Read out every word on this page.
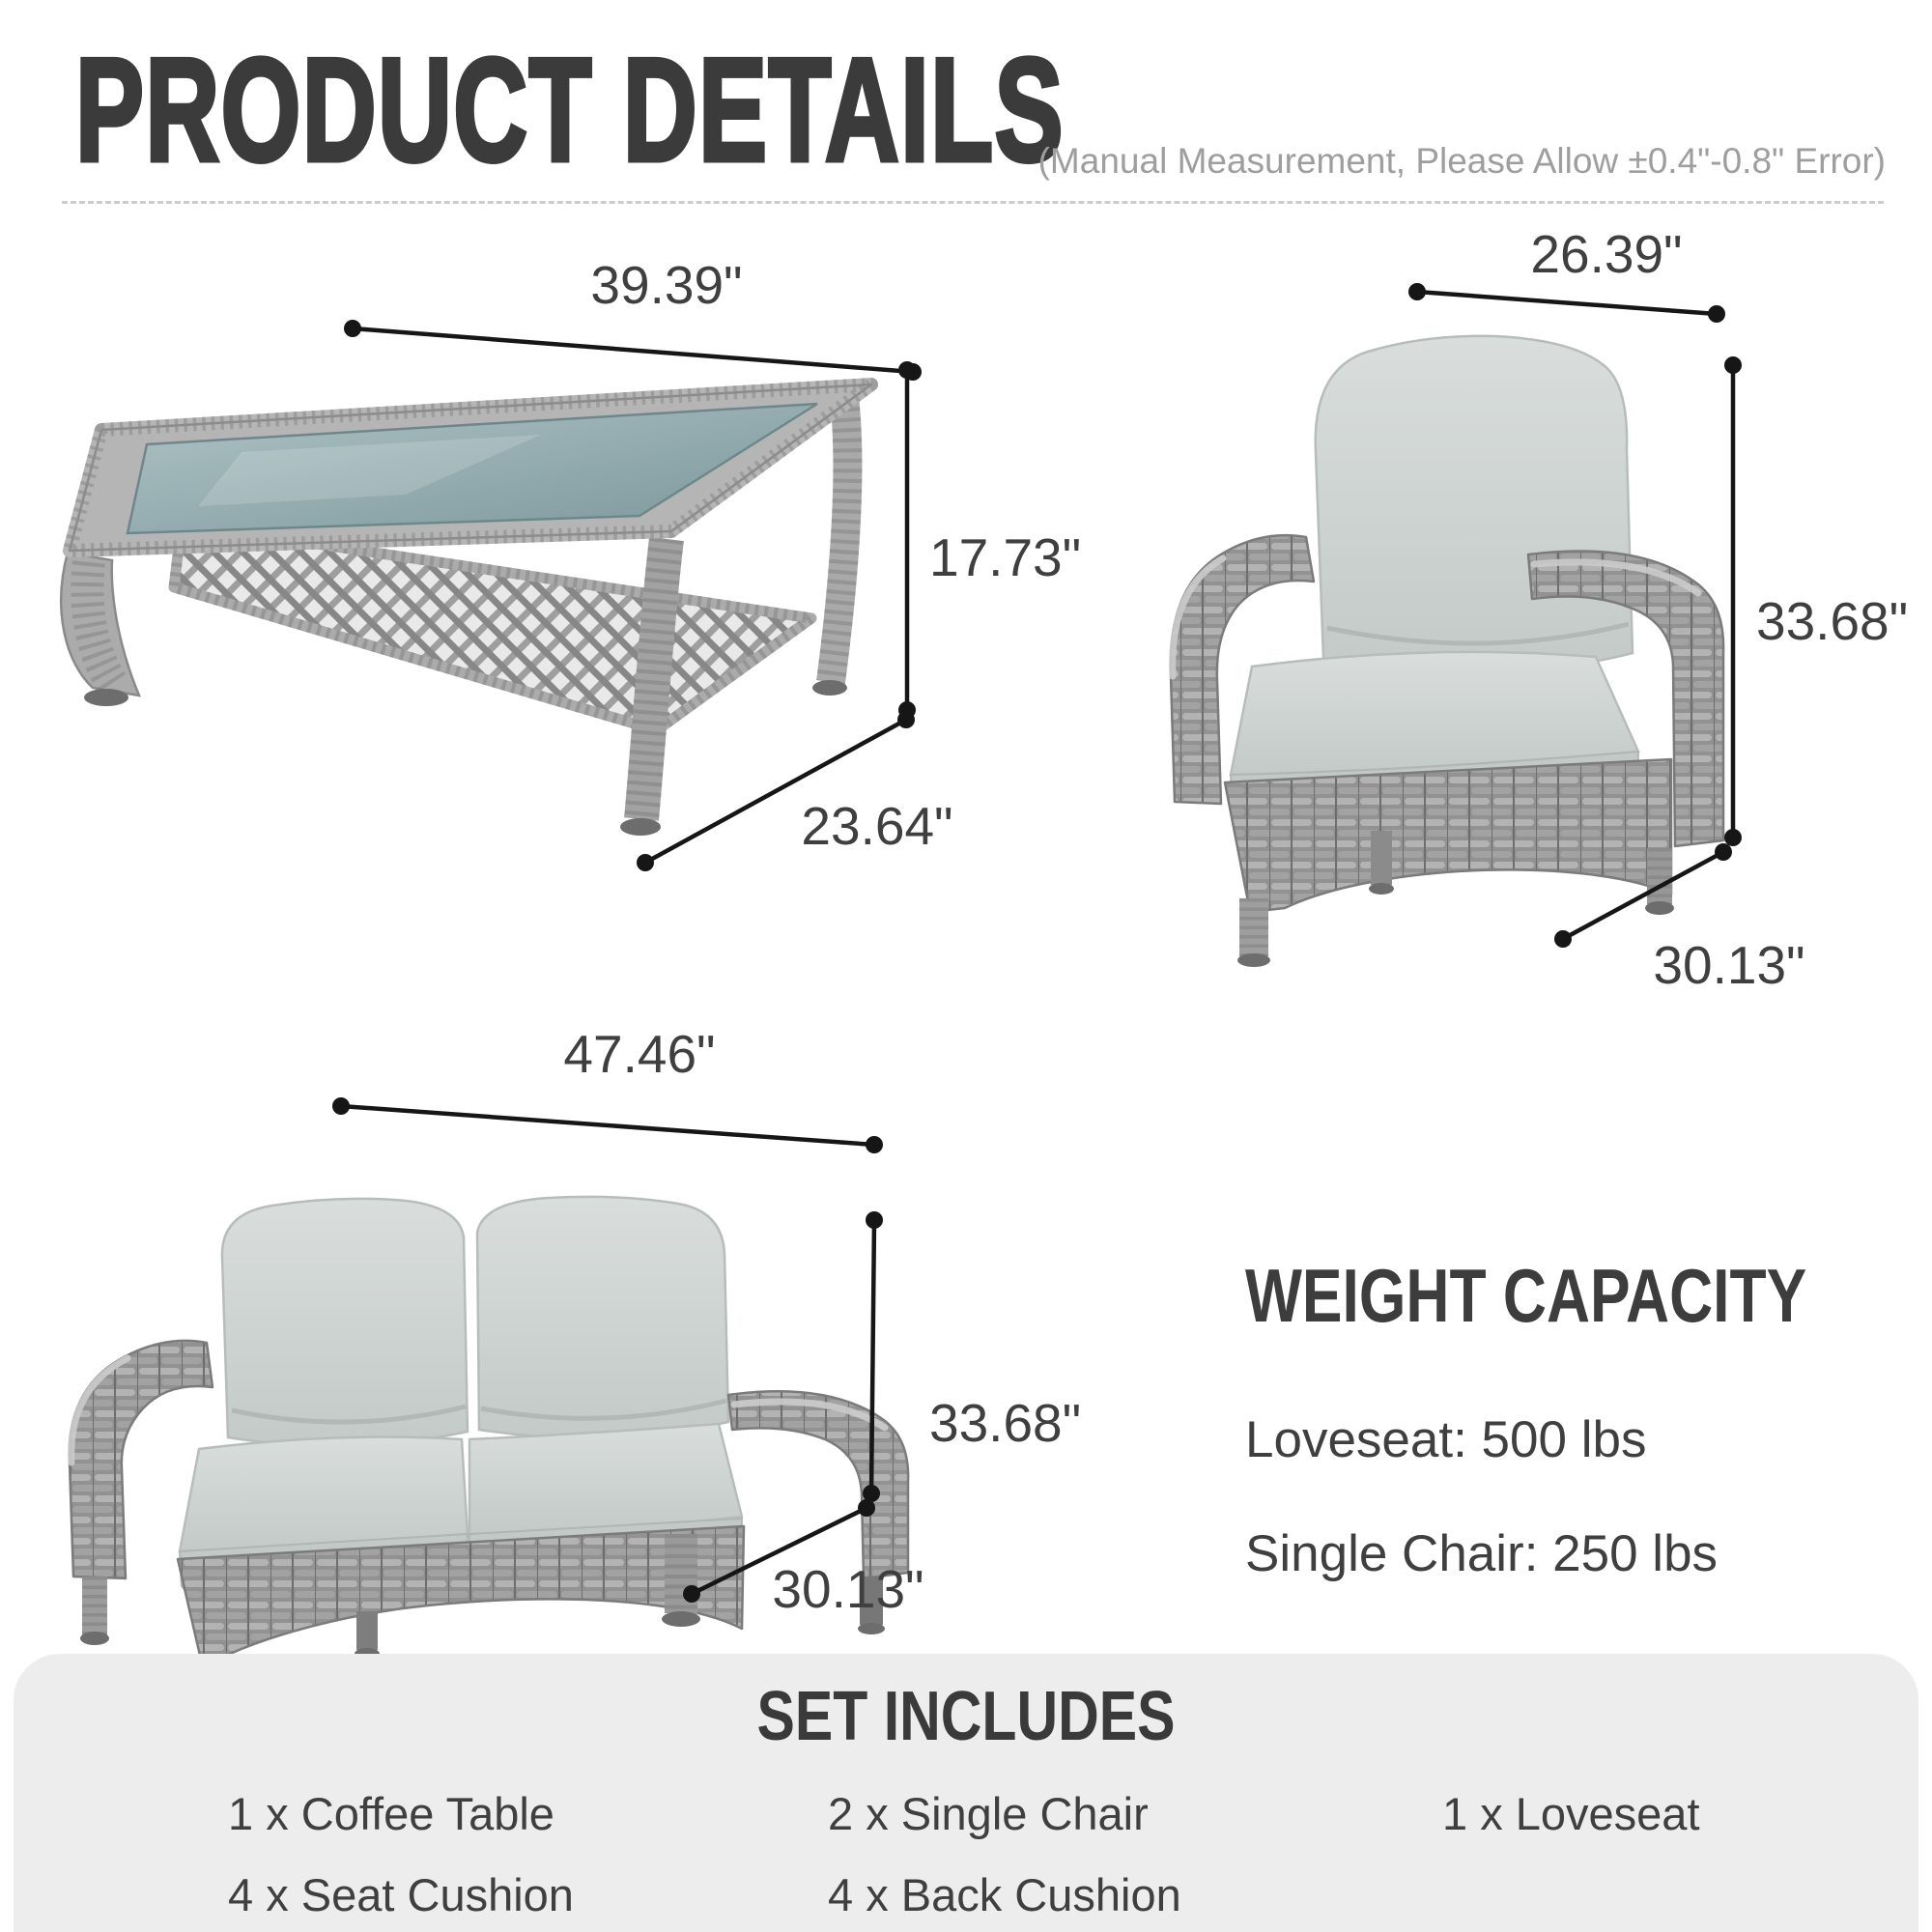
PRODUCT DETAILS
(Manual Measurement, Please Allow ±0.4"-0.8" Error)
39.39"
17.73"
23.64"
26.39"
33.68"
30.13"
47.46"
33.68"
30.13"
WEIGHT CAPACITY
Loveseat: 500 lbs
Single Chair: 250 lbs
SET INCLUDES
1 x Coffee Table	2 x Single Chair	1 x Loveseat
4 x Seat Cushion	4 x Back Cushion
